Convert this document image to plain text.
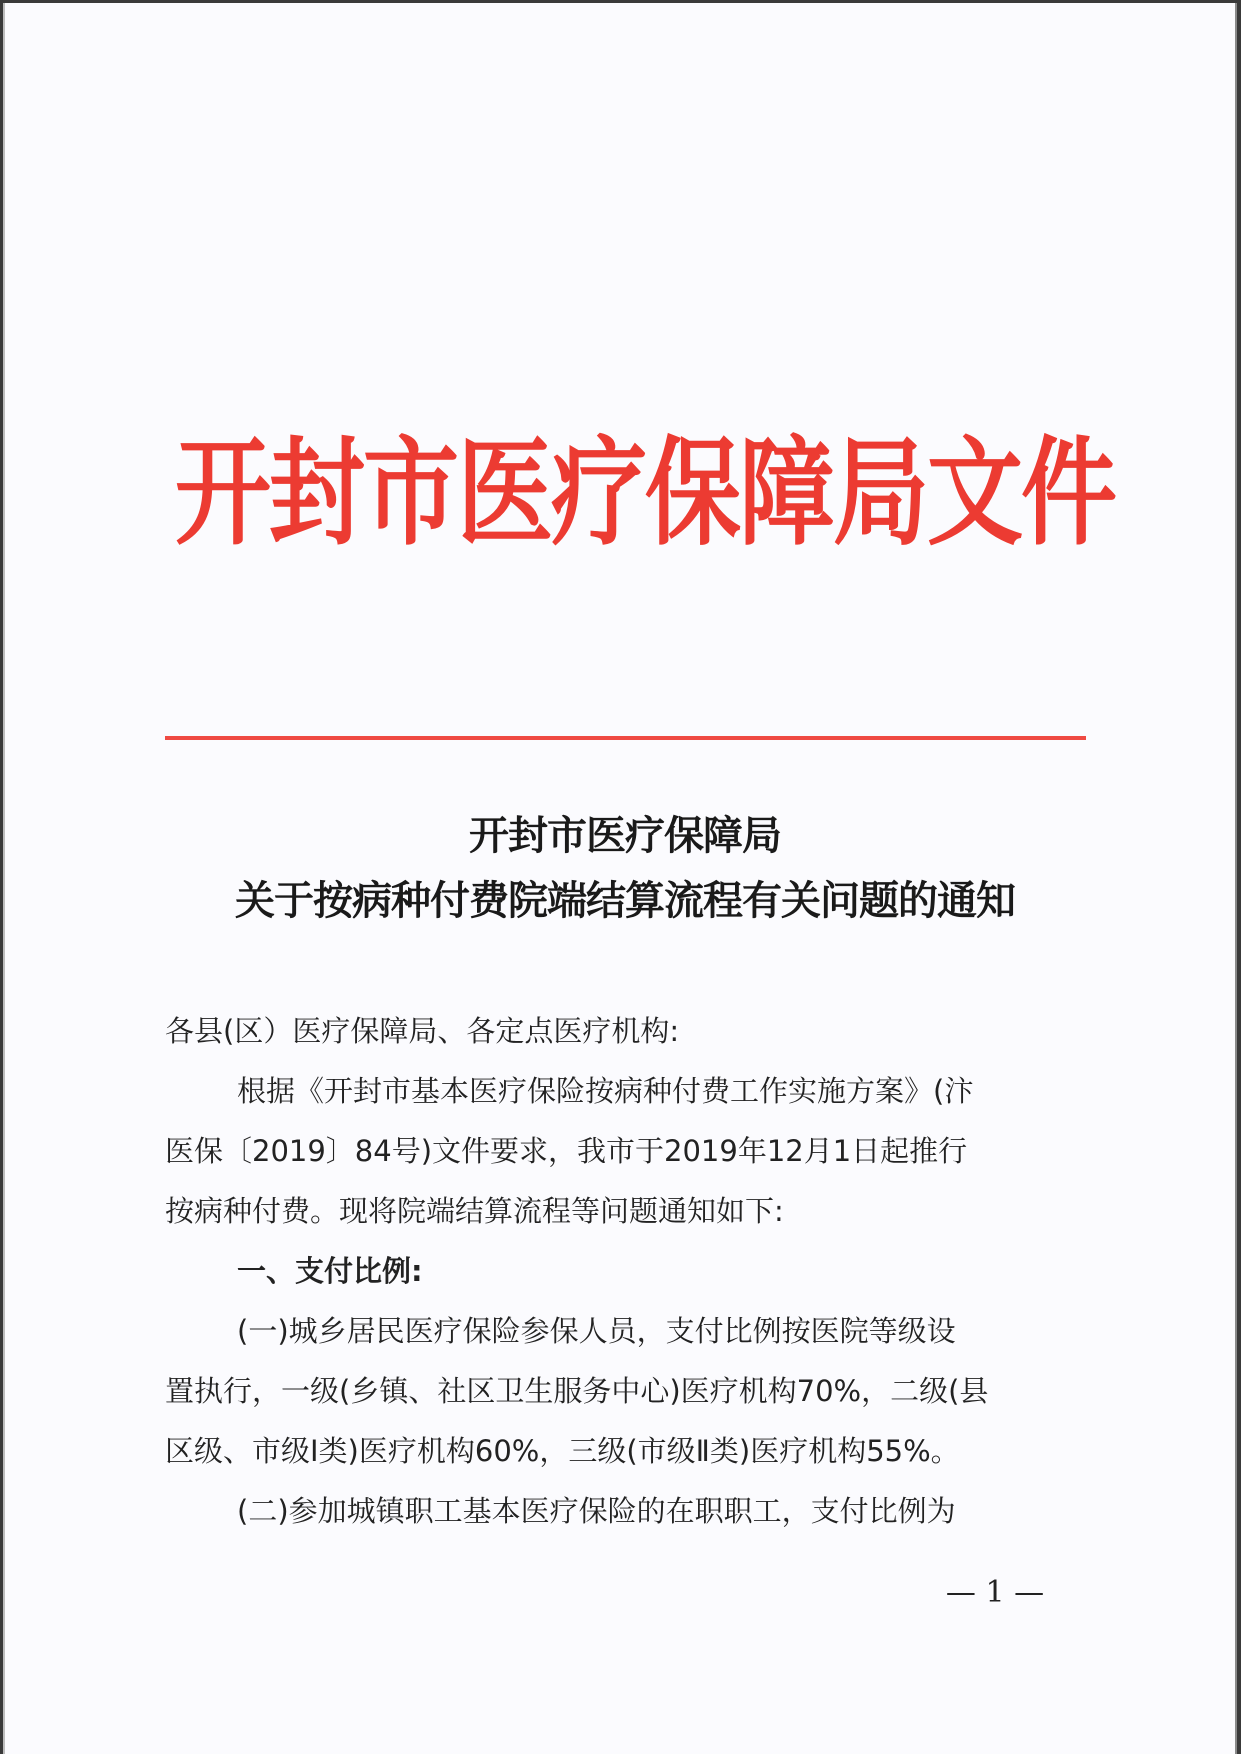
开封市医疗保障局文件
开封市医疗保障局
关于按病种付费院端结算流程有关问题的通知
各县(区）医疗保障局、各定点医疗机构:
根据《开封市基本医疗保险按病种付费工作实施方案》(汴
医保〔2019〕84号)文件要求，我市于2019年12月1日起推行
按病种付费。现将院端结算流程等问题通知如下:
一、支付比例:
(一)城乡居民医疗保险参保人员，支付比例按医院等级设
置执行，一级(乡镇、社区卫生服务中心)医疗机构70%，二级(县
区级、市级Ⅰ类)医疗机构60%，三级(市级Ⅱ类)医疗机构55%。
(二)参加城镇职工基本医疗保险的在职职工，支付比例为
— 1 —
